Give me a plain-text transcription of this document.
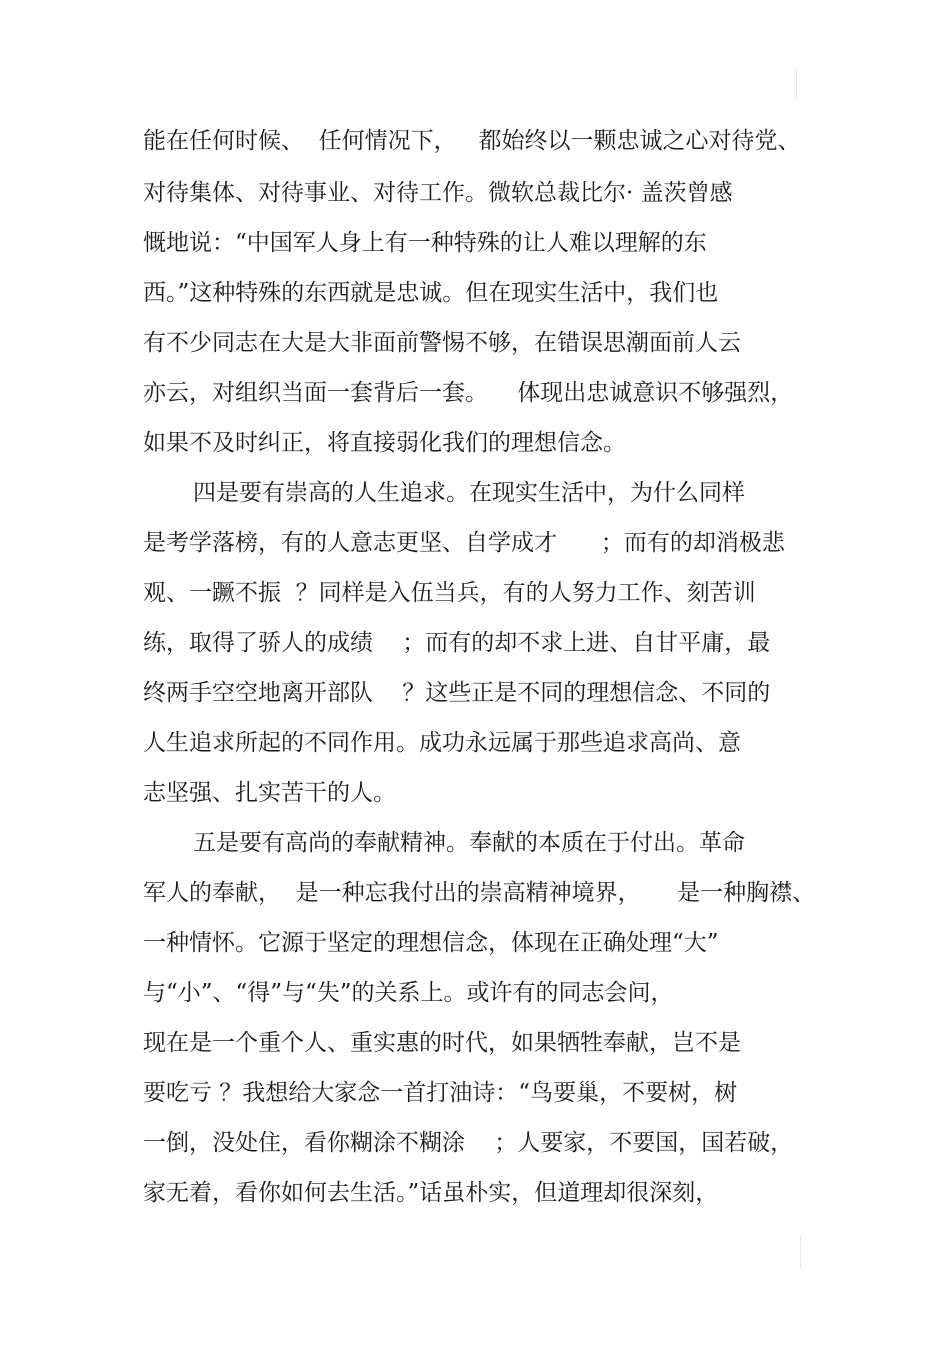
能在任何时候、  任何情况下，   都始终以一颗忠诚之心对待党、
对待集体、对待事业、对待工作。微软总裁比尔· 盖茨曾感
慨地说：“中国军人身上有一种特殊的让人难以理解的东
西。”这种特殊的东西就是忠诚。但在现实生活中，我们也
有不少同志在大是大非面前警惕不够，在错误思潮面前人云
亦云，对组织当面一套背后一套。    体现出忠诚意识不够强烈，
如果不及时纠正，将直接弱化我们的理想信念。
四是要有崇高的人生追求。在现实生活中，为什么同样
是考学落榜，有的人意志更坚、自学成才      ；而有的却消极悲
观、一蹶不振  ？同样是入伍当兵，有的人努力工作、刻苦训
练，取得了骄人的成绩    ；而有的却不求上进、自甘平庸，最
终两手空空地离开部队    ？这些正是不同的理想信念、不同的
人生追求所起的不同作用。成功永远属于那些追求高尚、意
志坚强、扎实苦干的人。
五是要有高尚的奉献精神。奉献的本质在于付出。革命
军人的奉献，  是一种忘我付出的崇高精神境界，     是一种胸襟、
一种情怀。它源于坚定的理想信念，体现在正确处理“大”
与“小”、“得”与“失”的关系上。或许有的同志会问，
现在是一个重个人、重实惠的时代，如果牺牲奉献，岂不是
要吃亏 ？我想给大家念一首打油诗：“鸟要巢，不要树，树
一倒，没处住，看你糊涂不糊涂    ；人要家，不要国，国若破，
家无着，看你如何去生活。”话虽朴实，但道理却很深刻，
